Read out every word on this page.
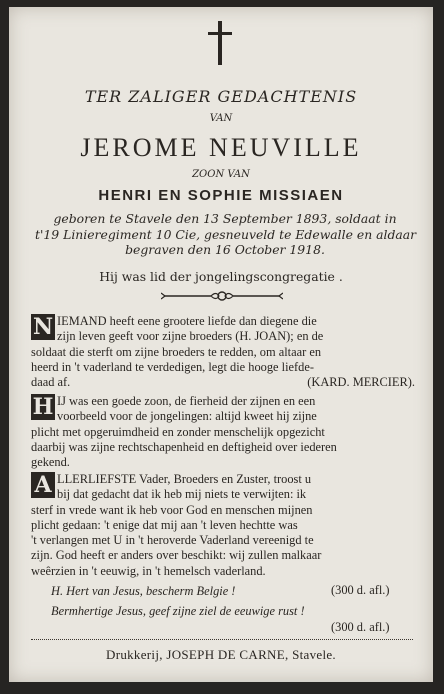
TER ZALIGER GEDACHTENIS
VAN
JEROME NEUVILLE
ZOON VAN
HENRI EN SOPHIE MISSIAEN
geboren te Stavele den 13 September 1893, soldaat in
t'19 Linieregiment 10 Cie, gesneuveld te Edewalle en aldaar
begraven den 16 October 1918.
Hij was lid der jongelingscongregatie .
N IEMAND heeft eene grootere liefde dan diegene die
zijn leven geeft voor zijne broeders (H. JOAN); en de
soldaat die sterft om zijne broeders te redden, om altaar en
heerd in 't vaderland te verdedigen, legt die hooge liefde-
daad af.	(KARD. MERCIER).
H IJ was een goede zoon, de fierheid der zijnen en een
voorbeeld voor de jongelingen: altijd kweet hij zijne
plicht met opgeruimdheid en zonder menschelijk opgezicht
daarbij was zijne rechtschapenheid en deftigheid over iederen
gekend.
A LLERLIEFSTE Vader, Broeders en Zuster, troost u
bij dat gedacht dat ik heb mij niets te verwijten: ik
sterf in vrede want ik heb voor God en menschen mijnen
plicht gedaan: 't enige dat mij aan 't leven hechtte was
't verlangen met U in 't heroverde Vaderland vereenigd te
zijn. God heeft er anders over beschikt: wij zullen malkaar
weêrzien in 't eeuwig, in 't hemelsch vaderland.
H. Hert van Jesus, bescherm Belgie !	(300 d. afl.)
Bermhertige Jesus, geef zijne ziel de eeuwige rust !
(300 d. afl.)
Drukkerij, JOSEPH DE CARNE, Stavele.
